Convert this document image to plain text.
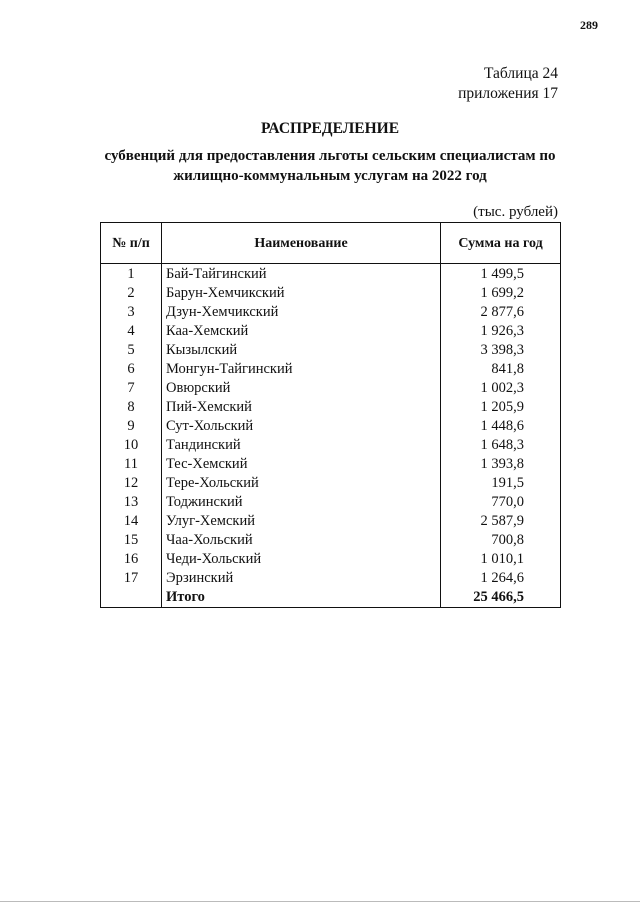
289
Таблица 24
приложения 17
РАСПРЕДЕЛЕНИЕ
субвенций для предоставления льготы сельским специалистам по
жилищно-коммунальным услугам на 2022 год
(тыс. рублей)
№ п/п	Наименование	Сумма на год
1	Бай-Тайгинский	1 499,5
2	Барун-Хемчикский	1 699,2
3	Дзун-Хемчикский	2 877,6
4	Каа-Хемский	1 926,3
5	Кызылский	3 398,3
6	Монгун-Тайгинский	841,8
7	Овюрский	1 002,3
8	Пий-Хемский	1 205,9
9	Сут-Хольский	1 448,6
10	Тандинский	1 648,3
11	Тес-Хемский	1 393,8
12	Тере-Хольский	191,5
13	Тоджинский	770,0
14	Улуг-Хемский	2 587,9
15	Чаа-Хольский	700,8
16	Чеди-Хольский	1 010,1
17	Эрзинский	1 264,6
	Итого	25 466,5
